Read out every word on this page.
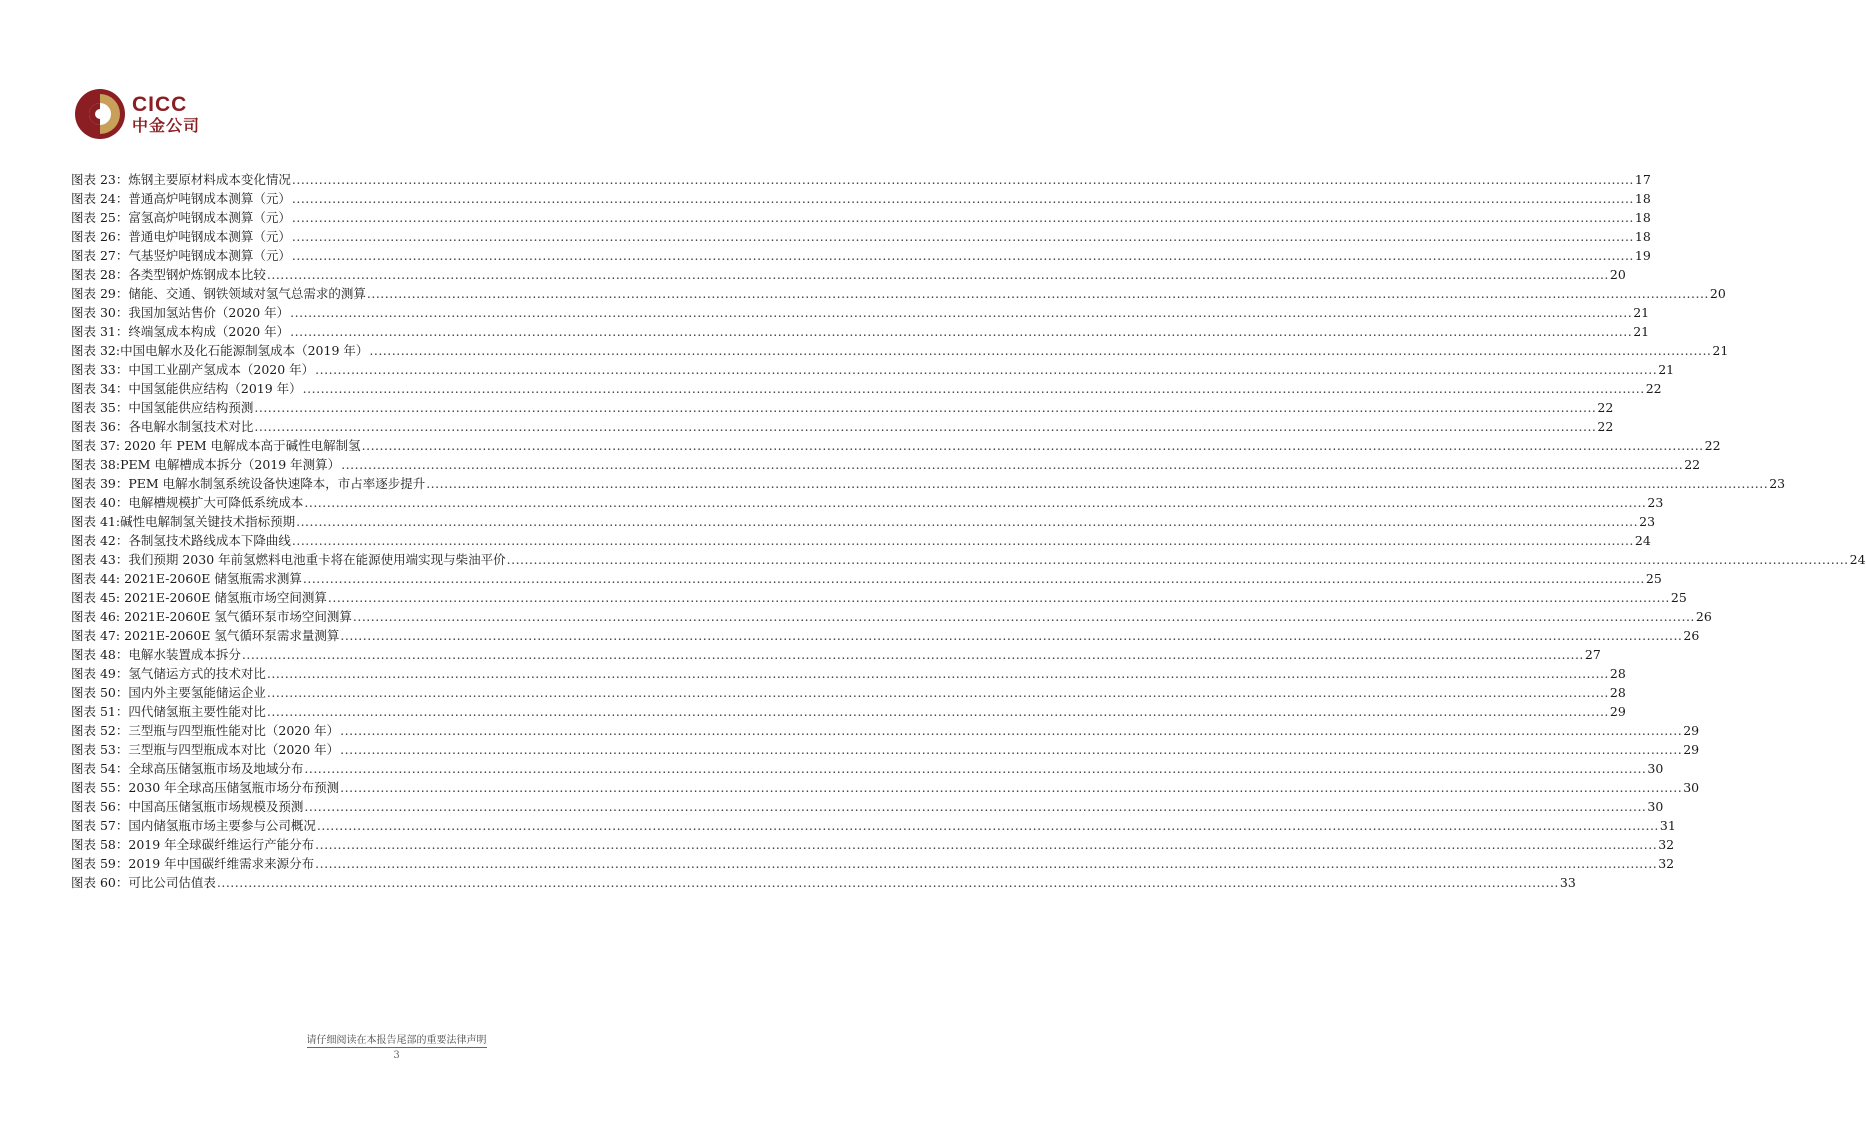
CICC
中金公司
图表 23：炼钢主要原材料成本变化情况 ............................................................................................................................................................................................................................................................................................................ 17
图表 24：普通高炉吨钢成本测算（元） ............................................................................................................................................................................................................................................................................................................ 18
图表 25：富氢高炉吨钢成本测算（元） ............................................................................................................................................................................................................................................................................................................ 18
图表 26：普通电炉吨钢成本测算（元） ............................................................................................................................................................................................................................................................................................................ 18
图表 27：气基竖炉吨钢成本测算（元） ............................................................................................................................................................................................................................................................................................................ 19
图表 28：各类型钢炉炼钢成本比较 ............................................................................................................................................................................................................................................................................................................ 20
图表 29：储能、交通、钢铁领域对氢气总需求的测算 ............................................................................................................................................................................................................................................................................................................ 20
图表 30：我国加氢站售价（2020 年） ............................................................................................................................................................................................................................................................................................................ 21
图表 31：终端氢成本构成（2020 年） ............................................................................................................................................................................................................................................................................................................ 21
图表 32:中国电解水及化石能源制氢成本（2019 年） ............................................................................................................................................................................................................................................................................................................ 21
图表 33：中国工业副产氢成本（2020 年） ............................................................................................................................................................................................................................................................................................................ 21
图表 34：中国氢能供应结构（2019 年） ............................................................................................................................................................................................................................................................................................................ 22
图表 35：中国氢能供应结构预测 ............................................................................................................................................................................................................................................................................................................ 22
图表 36：各电解水制氢技术对比 ............................................................................................................................................................................................................................................................................................................ 22
图表 37: 2020 年 PEM 电解成本高于碱性电解制氢 ............................................................................................................................................................................................................................................................................................................ 22
图表 38:PEM 电解槽成本拆分（2019 年测算） ............................................................................................................................................................................................................................................................................................................ 22
图表 39：PEM 电解水制氢系统设备快速降本，市占率逐步提升 ............................................................................................................................................................................................................................................................................................................ 23
图表 40：电解槽规模扩大可降低系统成本 ............................................................................................................................................................................................................................................................................................................ 23
图表 41:碱性电解制氢关键技术指标预期 ............................................................................................................................................................................................................................................................................................................ 23
图表 42：各制氢技术路线成本下降曲线 ............................................................................................................................................................................................................................................................................................................ 24
图表 43：我们预期 2030 年前氢燃料电池重卡将在能源使用端实现与柴油平价 ............................................................................................................................................................................................................................................................................................................ 24
图表 44: 2021E-2060E 储氢瓶需求测算 ............................................................................................................................................................................................................................................................................................................ 25
图表 45: 2021E-2060E 储氢瓶市场空间测算 ............................................................................................................................................................................................................................................................................................................ 25
图表 46: 2021E-2060E 氢气循环泵市场空间测算 ............................................................................................................................................................................................................................................................................................................ 26
图表 47: 2021E-2060E 氢气循环泵需求量测算 ............................................................................................................................................................................................................................................................................................................ 26
图表 48：电解水装置成本拆分 ............................................................................................................................................................................................................................................................................................................ 27
图表 49：氢气储运方式的技术对比 ............................................................................................................................................................................................................................................................................................................ 28
图表 50：国内外主要氢能储运企业 ............................................................................................................................................................................................................................................................................................................ 28
图表 51：四代储氢瓶主要性能对比 ............................................................................................................................................................................................................................................................................................................ 29
图表 52：三型瓶与四型瓶性能对比（2020 年） ............................................................................................................................................................................................................................................................................................................ 29
图表 53：三型瓶与四型瓶成本对比（2020 年） ............................................................................................................................................................................................................................................................................................................ 29
图表 54：全球高压储氢瓶市场及地域分布 ............................................................................................................................................................................................................................................................................................................ 30
图表 55：2030 年全球高压储氢瓶市场分布预测 ............................................................................................................................................................................................................................................................................................................ 30
图表 56：中国高压储氢瓶市场规模及预测 ............................................................................................................................................................................................................................................................................................................ 30
图表 57：国内储氢瓶市场主要参与公司概况 ............................................................................................................................................................................................................................................................................................................ 31
图表 58：2019 年全球碳纤维运行产能分布 ............................................................................................................................................................................................................................................................................................................ 32
图表 59：2019 年中国碳纤维需求来源分布 ............................................................................................................................................................................................................................................................................................................ 32
图表 60：可比公司估值表 ............................................................................................................................................................................................................................................................................................................ 33
请仔细阅读在本报告尾部的重要法律声明
3
